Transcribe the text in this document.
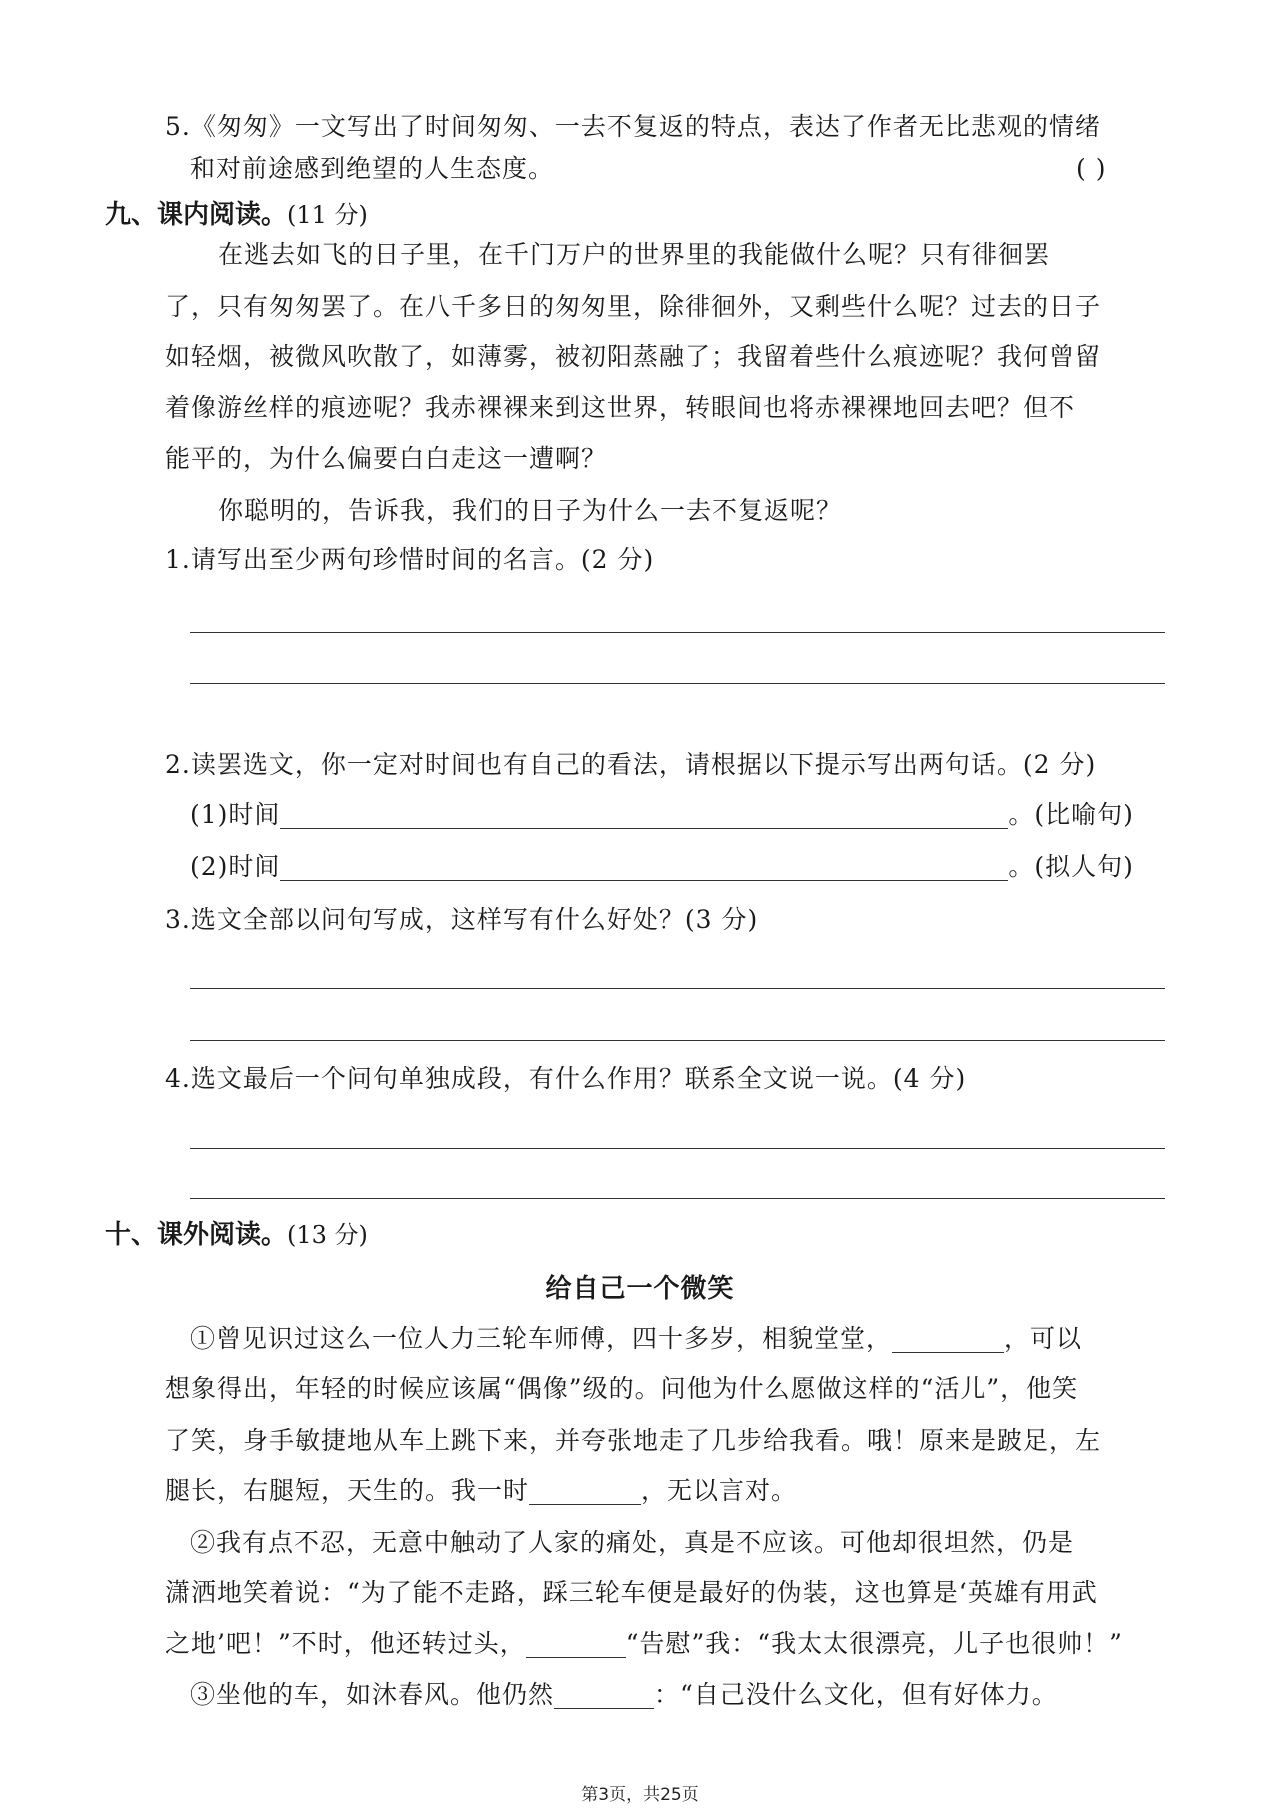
5.《匆匆》一文写出了时间匆匆、一去不复返的特点，表达了作者无比悲观的情绪
和对前途感到绝望的人生态度。	( )
九、课内阅读。(11 分)
在逃去如飞的日子里，在千门万户的世界里的我能做什么呢？只有徘徊罢
了，只有匆匆罢了。在八千多日的匆匆里，除徘徊外，又剩些什么呢？过去的日子
如轻烟，被微风吹散了，如薄雾，被初阳蒸融了；我留着些什么痕迹呢？我何曾留
着像游丝样的痕迹呢？我赤裸裸来到这世界，转眼间也将赤裸裸地回去吧？但不
能平的，为什么偏要白白走这一遭啊？
你聪明的，告诉我，我们的日子为什么一去不复返呢？
1.请写出至少两句珍惜时间的名言。(2 分)
2.读罢选文，你一定对时间也有自己的看法，请根据以下提示写出两句话。(2 分)
(1)时间	。(比喻句)
(2)时间	。(拟人句)
3.选文全部以问句写成，这样写有什么好处？(3 分)
4.选文最后一个问句单独成段，有什么作用？联系全文说一说。(4 分)
十、课外阅读。(13 分)
给自己一个微笑
①曾见识过这么一位人力三轮车师傅，四十多岁，相貌堂堂，	，可以
想象得出，年轻的时候应该属“偶像”级的。问他为什么愿做这样的“活儿”，他笑
了笑，身手敏捷地从车上跳下来，并夸张地走了几步给我看。哦！原来是跛足，左
腿长，右腿短，天生的。我一时	，无以言对。
②我有点不忍，无意中触动了人家的痛处，真是不应该。可他却很坦然，仍是
潇洒地笑着说：“为了能不走路，踩三轮车便是最好的伪装，这也算是‘英雄有用武
之地’吧！”不时，他还转过头，	“告慰”我：“我太太很漂亮，儿子也很帅！”
③坐他的车，如沐春风。他仍然	：“自己没什么文化，但有好体力。
第3页，共25页
